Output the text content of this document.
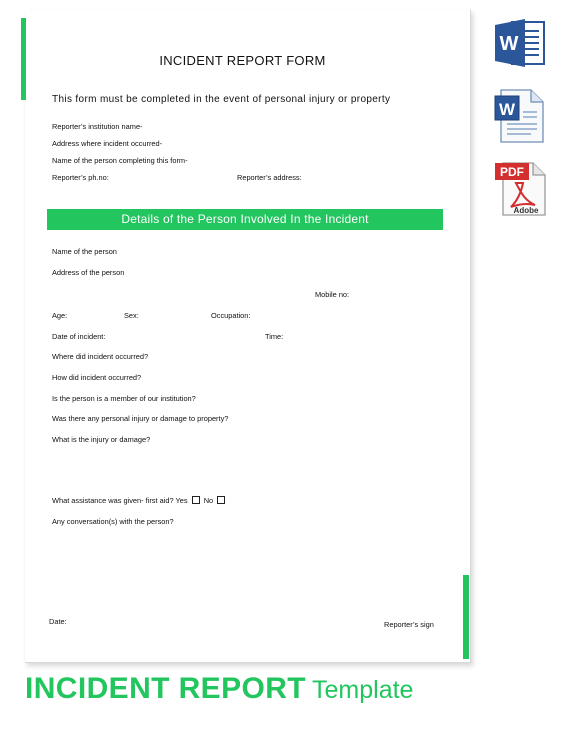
INCIDENT REPORT FORM
This form must be completed in the event of personal injury or property
Reporter’s institution name-
Address where incident occurred-
Name of the person completing this form-
Reporter’s ph.no:	Reporter’s address:
Details of the Person Involved In the Incident
Name of the person
Address of the person
Mobile no:
Age:	Sex:	Occupation:
Date of incident:	Time:
Where did incident occurred?
How did incident occurred?
Is the person is a member of our institution?
Was there any personal injury or damage to property?
What is the injury or damage?
What assistance was given- first aid? Yes No
Any conversation(s) with the person?
Date:	Reporter’s sign
W
W
PDF
Adobe
INCIDENT REPORT Template
